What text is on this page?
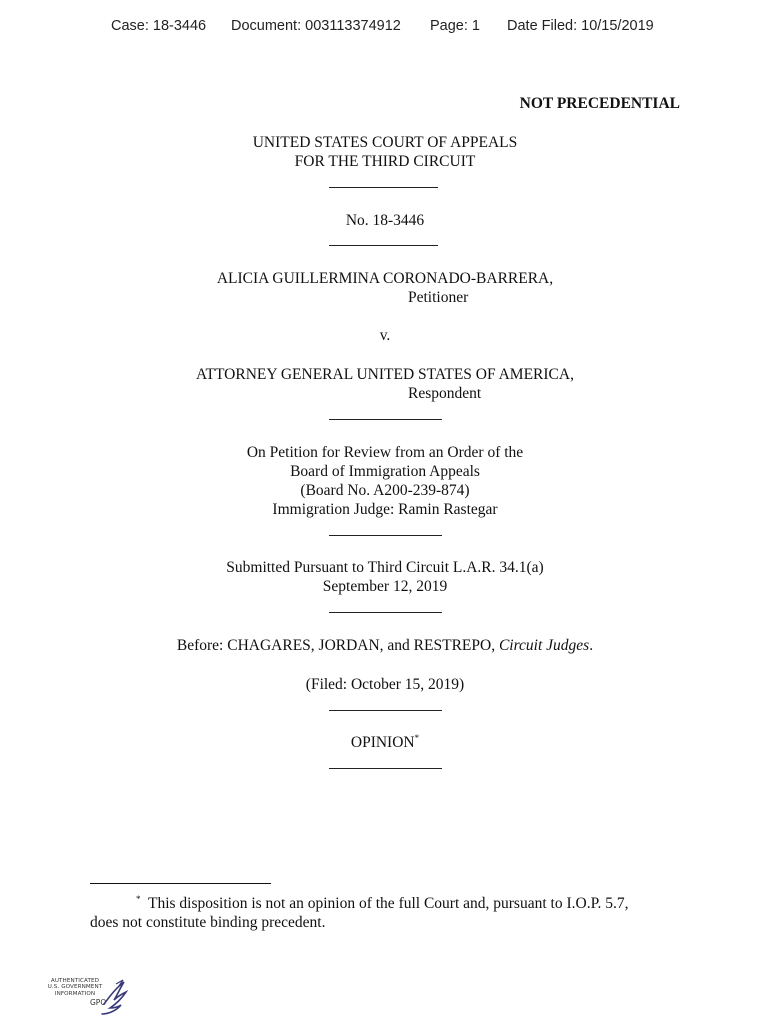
Case: 18-3446 Document: 003113374912 Page: 1 Date Filed: 10/15/2019
NOT PRECEDENTIAL
UNITED STATES COURT OF APPEALS
FOR THE THIRD CIRCUIT
No. 18-3446
ALICIA GUILLERMINA CORONADO-BARRERA,
Petitioner
v.
ATTORNEY GENERAL UNITED STATES OF AMERICA,
Respondent
On Petition for Review from an Order of the
Board of Immigration Appeals
(Board No. A200-239-874)
Immigration Judge: Ramin Rastegar
Submitted Pursuant to Third Circuit L.A.R. 34.1(a)
September 12, 2019
Before: CHAGARES, JORDAN, and RESTREPO, Circuit Judges.
(Filed: October 15, 2019)
OPINION*
* This disposition is not an opinion of the full Court and, pursuant to I.O.P. 5.7,
does not constitute binding precedent.
AUTHENTICATED
U.S. GOVERNMENT
INFORMATION
GPO
